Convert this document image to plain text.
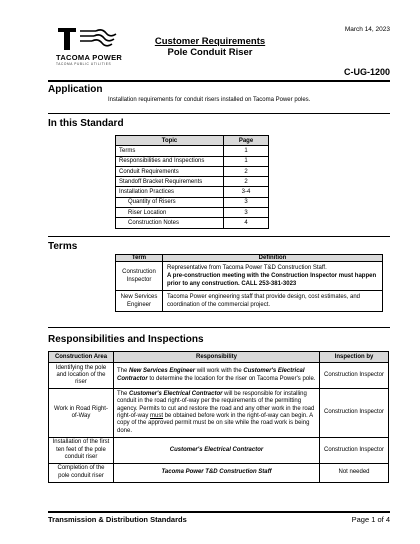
March 14, 2023
TACOMA POWER
TACOMA PUBLIC UTILITIES
Customer Requirements
Pole Conduit Riser
C-UG-1200
Application
Installation requirements for conduit risers installed on Tacoma Power poles.
In this Standard
Topic	Page
Terms	1
Responsibilities and Inspections	1
Conduit Requirements	2
Standoff Bracket Requirements	2
Installation Practices	3-4
Quantity of Risers	3
Riser Location	3
Construction Notes	4
Terms
Term	Definition
Construction Inspector	Representative from Tacoma Power T&D Construction Staff.
A pre-construction meeting with the Construction Inspector must happen prior to any construction. CALL 253-381-3023
New Services Engineer	Tacoma Power engineering staff that provide design, cost estimates, and coordination of the commercial project.
Responsibilities and Inspections
Construction Area	Responsibility	Inspection by
Identifying the pole and location of the riser	The New Services Engineer will work with the Customer's Electrical Contractor to determine the location for the riser on Tacoma Power's pole.	Construction Inspector
Work in Road Right-of-Way	The Customer's Electrical Contractor will be responsible for installing conduit in the road right-of-way per the requirements of the permitting agency. Permits to cut and restore the road and any other work in the road right-of-way must be obtained before work in the right-of-way can begin. A copy of the approved permit must be on site while the road work is being done.	Construction Inspector
Installation of the first ten feet of the pole conduit riser	Customer's Electrical Contractor	Construction Inspector
Completion of the pole conduit riser	Tacoma Power T&D Construction Staff	Not needed
Transmission & Distribution Standards	Page 1 of 4
